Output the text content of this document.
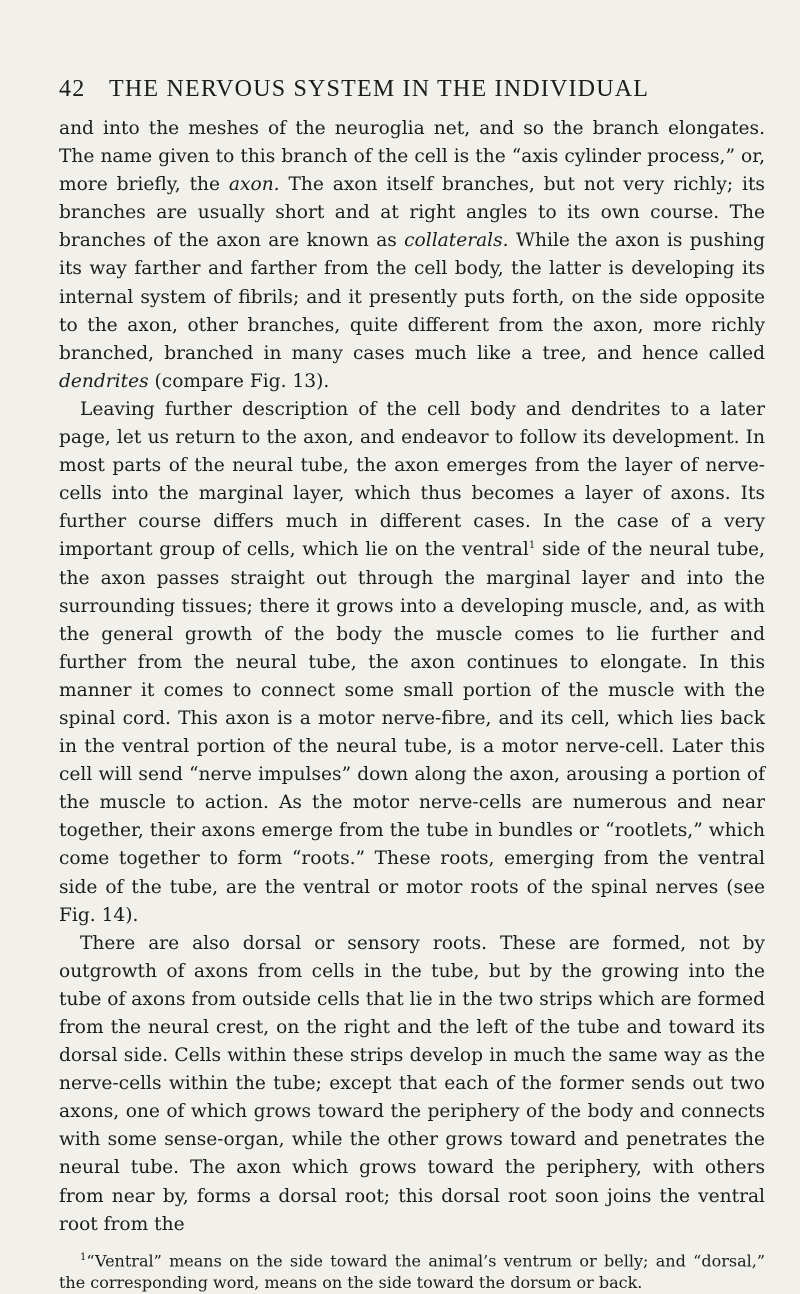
42 THE NERVOUS SYSTEM IN THE INDIVIDUAL

and into the meshes of the neuroglia net, and so the branch elongates. The name given to this branch of the cell is the “axis cylinder process,” or, more briefly, the axon. The axon itself branches, but not very richly; its branches are usually short and at right angles to its own course. The branches of the axon are known as collaterals. While the axon is pushing its way farther and farther from the cell body, the latter is developing its internal system of fibrils; and it presently puts forth, on the side opposite to the axon, other branches, quite different from the axon, more richly branched, branched in many cases much like a tree, and hence called dendrites (compare Fig. 13).

Leaving further description of the cell body and dendrites to a later page, let us return to the axon, and endeavor to follow its development. In most parts of the neural tube, the axon emerges from the layer of nerve-cells into the marginal layer, which thus becomes a layer of axons. Its further course differs much in different cases. In the case of a very important group of cells, which lie on the ventral$^1$ side of the neural tube, the axon passes straight out through the marginal layer and into the surrounding tissues; there it grows into a developing muscle, and, as with the general growth of the body the muscle comes to lie further and further from the neural tube, the axon continues to elongate. In this manner it comes to connect some small portion of the muscle with the spinal cord. This axon is a motor nerve-fibre, and its cell, which lies back in the ventral portion of the neural tube, is a motor nerve-cell. Later this cell will send “nerve impulses” down along the axon, arousing a portion of the muscle to action. As the motor nerve-cells are numerous and near together, their axons emerge from the tube in bundles or “rootlets,” which come together to form “roots.” These roots, emerging from the ventral side of the tube, are the ventral or motor roots of the spinal nerves (see Fig. 14).

There are also dorsal or sensory roots. These are formed, not by outgrowth of axons from cells in the tube, but by the growing into the tube of axons from outside cells that lie in the two strips which are formed from the neural crest, on the right and the left of the tube and toward its dorsal side. Cells within these strips develop in much the same way as the nerve-cells within the tube; except that each of the former sends out two axons, one of which grows toward the periphery of the body and connects with some sense-organ, while the other grows toward and penetrates the neural tube. The axon which grows toward the periphery, with others from near by, forms a dorsal root; this dorsal root soon joins the ventral root from the

$^1$“Ventral” means on the side toward the animal’s ventrum or belly; and “dorsal,” the corresponding word, means on the side toward the dorsum or back.
